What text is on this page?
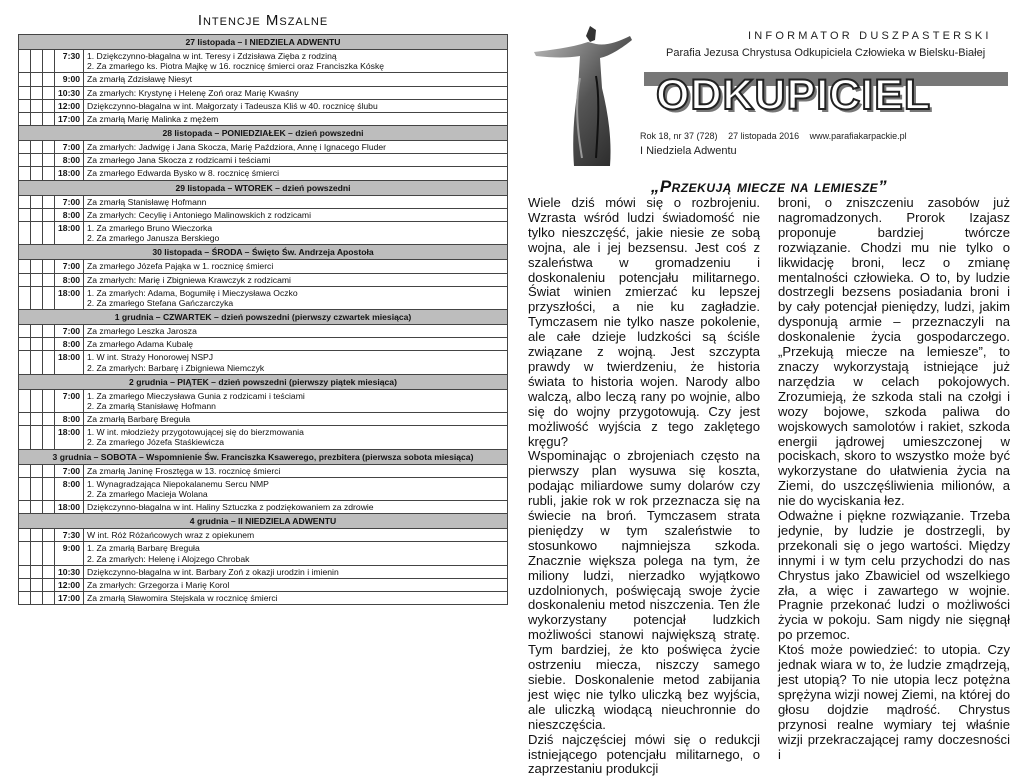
Intencje Mszalne
27 listopada – I NIEDZIELA ADWENTU				
			7:30	1. Dziękczynno-błagalna w int. Teresy i Zdzisława Zięba z rodziną
2. Za zmarłego ks. Piotra Majkę w 16. rocznicę śmierci oraz Franciszka Kóskę
			9:00	Za zmarłą Zdzisławę Niesyt
			10:30	Za zmarłych: Krystynę i Helenę Zoń oraz Marię Kwaśny
			12:00	Dziękczynno-błagalna w int. Małgorzaty i Tadeusza Kliś w 40. rocznicę ślubu
			17:00	Za zmarłą Marię Malinka z mężem
28 listopada – PONIEDZIAŁEK – dzień powszedni				
			7:00	Za zmarłych: Jadwigę i Jana Skocza, Marię Paździora, Annę i Ignacego Fluder
			8:00	Za zmarłego Jana Skocza z rodzicami i teściami
			18:00	Za zmarłego Edwarda Bysko w 8. rocznicę śmierci
29 listopada – WTOREK – dzień powszedni				
			7:00	Za zmarłą Stanisławę Hofmann
			8:00	Za zmarłych: Cecylię i Antoniego Malinowskich z rodzicami
			18:00	1. Za zmarłego Bruno Wieczorka
2. Za zmarłego Janusza Berskiego
30 listopada – ŚRODA – Święto Św. Andrzeja Apostoła				
			7:00	Za zmarłego Józefa Pająka w 1. rocznicę śmierci
			8:00	Za zmarłych: Marię i Zbigniewa Krawczyk z rodzicami
			18:00	1. Za zmarłych: Adama, Bogumiłę i Mieczysława Oczko
2. Za zmarłego Stefana Gańczarczyka
1 grudnia – CZWARTEK – dzień powszedni (pierwszy czwartek miesiąca)				
			7:00	Za zmarłego Leszka Jarosza
			8:00	Za zmarłego Adama Kubalę
			18:00	1. W int. Straży Honorowej NSPJ
2. Za zmarłych: Barbarę i Zbigniewa Niemczyk
2 grudnia – PIĄTEK – dzień powszedni (pierwszy piątek miesiąca)				
			7:00	1. Za zmarłego Mieczysława Gunia z rodzicami i teściami
2. Za zmarłą Stanisławę Hofmann
			8:00	Za zmarłą Barbarę Breguła
			18:00	1. W int. młodzieży przygotowującej się do bierzmowania
2. Za zmarłego Józefa Staśkiewicza
3 grudnia – SOBOTA – Wspomnienie Św. Franciszka Ksawerego, prezbitera (pierwsza sobota miesiąca)				
			7:00	Za zmarłą Janinę Frosztęga w 13. rocznicę śmierci
			8:00	1. Wynagradzająca Niepokalanemu Sercu NMP
2. Za zmarłego Macieja Wolana
			18:00	Dziękczynno-błagalna w int. Haliny Sztuczka z podziękowaniem za zdrowie
4 grudnia – II NIEDZIELA ADWENTU				
			7:30	W int. Róż Różańcowych wraz z opiekunem
			9:00	1. Za zmarłą Barbarę Breguła
2. Za zmarłych: Helenę i Alojzego Chrobak
			10:30	Dziękczynno-błagalna w int. Barbary Zoń z okazji urodzin i imienin
			12:00	Za zmarłych: Grzegorza i Marię Korol
			17:00	Za zmarłą Sławomira Stejskala w rocznicę śmierci
INFORMATOR DUSZPASTERSKI
Parafia Jezusa Chrystusa Odkupiciela Człowieka w Bielsku-Białej
ODKUPICIEL
Rok 18, nr 37 (728) 27 listopada 2016 www.parafiakarpackie.pl
I Niedziela Adwentu
„Przekują miecze na lemiesze”

Wiele dziś mówi się o rozbrojeniu. Wzrasta wśród ludzi świadomość nie tylko nieszczęść, jakie niesie ze sobą wojna, ale i jej bezsensu. Jest coś z szaleństwa w gromadzeniu i doskonaleniu potencjału militarnego. Świat winien zmierzać ku lepszej przyszłości, a nie ku zagładzie. Tymczasem nie tylko nasze pokolenie, ale całe dzieje ludzkości są ściśle związane z wojną. Jest szczypta prawdy w twierdzeniu, że historia świata to historia wojen. Narody albo walczą, albo leczą rany po wojnie, albo się do wojny przygotowują. Czy jest możliwość wyjścia z tego zaklętego kręgu?

Wspominając o zbrojeniach często na pierwszy plan wysuwa się koszta, podając miliardowe sumy dolarów czy rubli, jakie rok w rok przeznacza się na świecie na broń. Tymczasem strata pieniędzy w tym szaleństwie to stosunkowo najmniejsza szkoda. Znacznie większa polega na tym, że miliony ludzi, nierzadko wyjątkowo uzdolnionych, poświęcają swoje życie doskonaleniu metod niszczenia. Ten źle wykorzystany potencjał ludzkich możliwości stanowi największą stratę. Tym bardziej, że kto poświęca życie ostrzeniu miecza, niszczy samego siebie. Doskonalenie metod zabijania jest więc nie tylko uliczką bez wyjścia, ale uliczką wiodącą nieuchronnie do nieszczęścia.

Dziś najczęściej mówi się o redukcji istniejącego potencjału militarnego, o zaprzestaniu produkcji

broni, o zniszczeniu zasobów już nagromadzonych. Prorok Izajasz proponuje bardziej twórcze rozwiązanie. Chodzi mu nie tylko o likwidację broni, lecz o zmianę mentalności człowieka. O to, by ludzie dostrzegli bezsens posiadania broni i by cały potencjał pieniędzy, ludzi, jakim dysponują armie – przeznaczyli na doskonalenie życia gospodarczego. „Przekują miecze na lemiesze”, to znaczy wykorzystają istniejące już narzędzia w celach pokojowych. Zrozumieją, że szkoda stali na czołgi i wozy bojowe, szkoda paliwa do wojskowych samolotów i rakiet, szkoda energii jądrowej umieszczonej w pociskach, skoro to wszystko może być wykorzystane do ułatwienia życia na Ziemi, do uszczęśliwienia milionów, a nie do wyciskania łez.

Odważne i piękne rozwiązanie. Trzeba jedynie, by ludzie je dostrzegli, by przekonali się o jego wartości. Między innymi i w tym celu przychodzi do nas Chrystus jako Zbawiciel od wszelkiego zła, a więc i zawartego w wojnie. Pragnie przekonać ludzi o możliwości życia w pokoju. Sam nigdy nie sięgnął po przemoc.

Ktoś może powiedzieć: to utopia. Czy jednak wiara w to, że ludzie zmądrzeją, jest utopią? To nie utopia lecz potężna sprężyna wizji nowej Ziemi, na której do głosu dojdzie mądrość. Chrystus przynosi realne wymiary tej właśnie wizji przekraczającej ramy doczesności i
